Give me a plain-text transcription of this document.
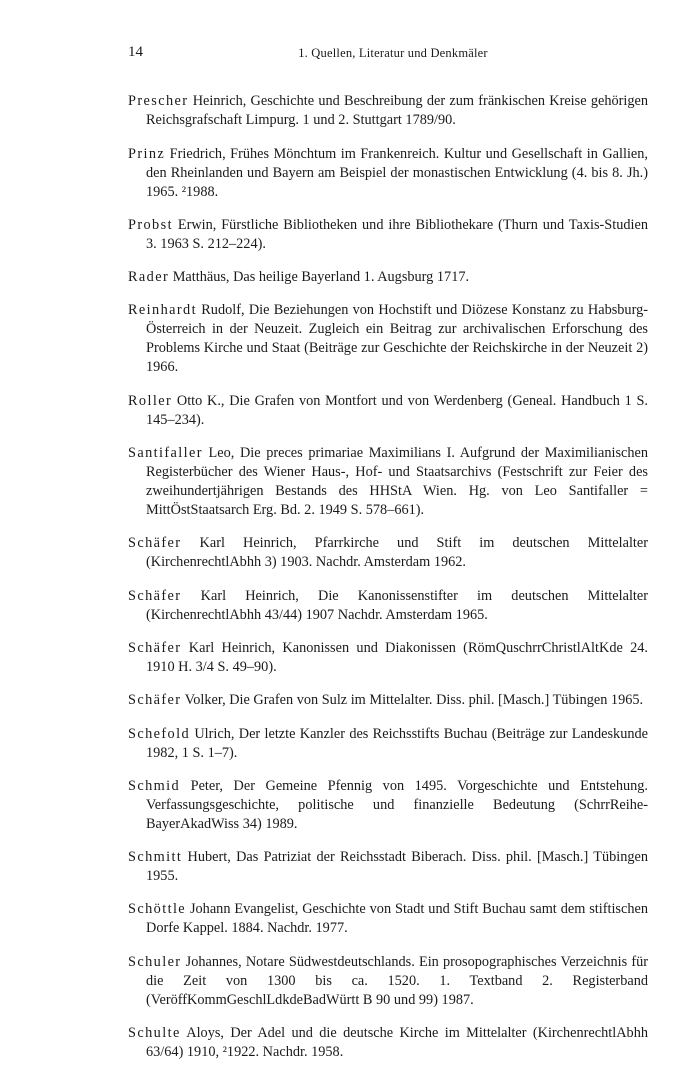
14	1. Quellen, Literatur und Denkmäler

Prescher Heinrich, Geschichte und Beschreibung der zum fränkischen Kreise gehörigen Reichsgrafschaft Limpurg. 1 und 2. Stuttgart 1789/90.

Prinz Friedrich, Frühes Mönchtum im Frankenreich. Kultur und Gesellschaft in Gallien, den Rheinlanden und Bayern am Beispiel der monastischen Entwicklung (4. bis 8. Jh.) 1965. ²1988.

Probst Erwin, Fürstliche Bibliotheken und ihre Bibliothekare (Thurn und Taxis-Studien 3. 1963 S. 212–224).

Rader Matthäus, Das heilige Bayerland 1. Augsburg 1717.

Reinhardt Rudolf, Die Beziehungen von Hochstift und Diözese Konstanz zu Habsburg-Österreich in der Neuzeit. Zugleich ein Beitrag zur archivalischen Erforschung des Problems Kirche und Staat (Beiträge zur Geschichte der Reichskirche in der Neuzeit 2) 1966.

Roller Otto K., Die Grafen von Montfort und von Werdenberg (Geneal. Handbuch 1 S. 145–234).

Santifaller Leo, Die preces primariae Maximilians I. Aufgrund der Maximilianischen Registerbücher des Wiener Haus-, Hof- und Staatsarchivs (Festschrift zur Feier des zweihundertjährigen Bestands des HHStA Wien. Hg. von Leo Santifaller = MittÖstStaatsarch Erg. Bd. 2. 1949 S. 578–661).

Schäfer Karl Heinrich, Pfarrkirche und Stift im deutschen Mittelalter (KirchenrechtlAbhh 3) 1903. Nachdr. Amsterdam 1962.

Schäfer Karl Heinrich, Die Kanonissenstifter im deutschen Mittelalter (KirchenrechtlAbhh 43/44) 1907 Nachdr. Amsterdam 1965.

Schäfer Karl Heinrich, Kanonissen und Diakonissen (RömQuschrrChristlAltKde 24. 1910 H. 3/4 S. 49–90).

Schäfer Volker, Die Grafen von Sulz im Mittelalter. Diss. phil. [Masch.] Tübingen 1965.

Schefold Ulrich, Der letzte Kanzler des Reichsstifts Buchau (Beiträge zur Landeskunde 1982, 1 S. 1–7).

Schmid Peter, Der Gemeine Pfennig von 1495. Vorgeschichte und Entstehung. Verfassungsgeschichte, politische und finanzielle Bedeutung (SchrrReihe-BayerAkadWiss 34) 1989.

Schmitt Hubert, Das Patriziat der Reichsstadt Biberach. Diss. phil. [Masch.] Tübingen 1955.

Schöttle Johann Evangelist, Geschichte von Stadt und Stift Buchau samt dem stiftischen Dorfe Kappel. 1884. Nachdr. 1977.

Schuler Johannes, Notare Südwestdeutschlands. Ein prosopographisches Verzeichnis für die Zeit von 1300 bis ca. 1520. 1. Textband 2. Registerband (VeröffKommGeschlLdkdeBadWürtt B 90 und 99) 1987.

Schulte Aloys, Der Adel und die deutsche Kirche im Mittelalter (KirchenrechtlAbhh 63/64) 1910, ²1922. Nachdr. 1958.
